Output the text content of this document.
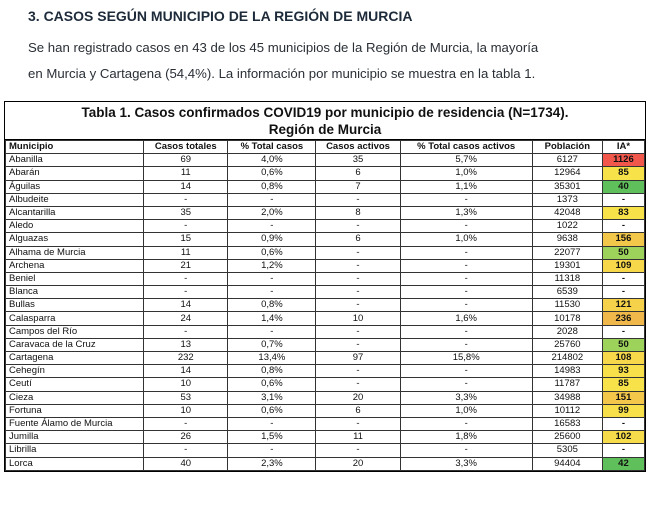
3. CASOS SEGÚN MUNICIPIO DE LA REGIÓN DE MURCIA
Se han registrado casos en 43 de los 45 municipios de la Región de Murcia, la mayoría
en Murcia y Cartagena (54,4%). La información por municipio se muestra en la tabla 1.
Tabla 1. Casos confirmados COVID19 por municipio de residencia (N=1734).
Región de Murcia
Municipio	Casos totales	% Total casos	Casos activos	% Total casos activos	Población	IA*
Abanilla	69	4,0%	35	5,7%	6127	1126
Abarán	11	0,6%	6	1,0%	12964	85
Águilas	14	0,8%	7	1,1%	35301	40
Albudeite	-	-	-	-	1373	-
Alcantarilla	35	2,0%	8	1,3%	42048	83
Aledo	-	-	-	-	1022	-
Alguazas	15	0,9%	6	1,0%	9638	156
Alhama de Murcia	11	0,6%	-	-	22077	50
Archena	21	1,2%	-	-	19301	109
Beniel	-	-	-	-	11318	-
Blanca	-	-	-	-	6539	-
Bullas	14	0,8%	-	-	11530	121
Calasparra	24	1,4%	10	1,6%	10178	236
Campos del Río	-	-	-	-	2028	-
Caravaca de la Cruz	13	0,7%	-	-	25760	50
Cartagena	232	13,4%	97	15,8%	214802	108
Cehegín	14	0,8%	-	-	14983	93
Ceutí	10	0,6%	-	-	11787	85
Cieza	53	3,1%	20	3,3%	34988	151
Fortuna	10	0,6%	6	1,0%	10112	99
Fuente Álamo de Murcia	-	-	-	-	16583	-
Jumilla	26	1,5%	11	1,8%	25600	102
Librilla	-	-	-	-	5305	-
Lorca	40	2,3%	20	3,3%	94404	42
